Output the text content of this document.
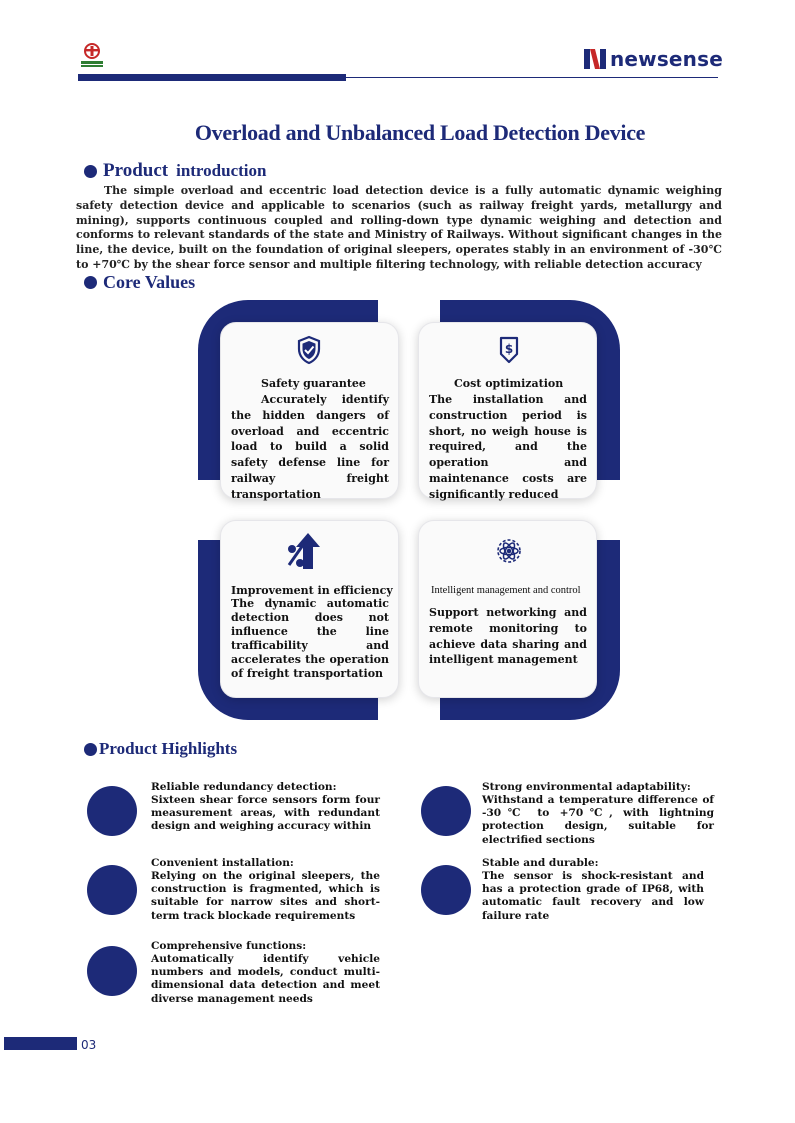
newsense
Overload and Unbalanced Load Detection Device
Product introduction
The simple overload and eccentric load detection device is a fully automatic dynamic weighing safety detection device and applicable to scenarios (such as railway freight yards, metallurgy and mining), supports continuous coupled and rolling-down type dynamic weighing and detection and conforms to relevant standards of the state and Ministry of Railways. Without significant changes in the line, the device, built on the foundation of original sleepers, operates stably in an environment of -30℃ to +70℃ by the shear force sensor and multiple filtering technology, with reliable detection accuracy
Core Values
Safety guarantee
Accurately identify the hidden dangers of overload and eccentric load to build a solid safety defense line for railway freight transportation
$
Cost optimization
The installation and construction period is short, no weigh house is required, and the operation and maintenance costs are significantly reduced
Improvement in efficiency
The dynamic automatic detection does not influence the line trafficability and accelerates the operation of freight transportation
Intelligent management and control
Support networking and remote monitoring to achieve data sharing and intelligent management
Product Highlights
Reliable redundancy detection:
Sixteen shear force sensors form four measurement areas, with redundant design and weighing accuracy within
Strong environmental adaptability:
Withstand a temperature difference of -30℃ to +70℃, with lightning protection design, suitable for electrified sections
Convenient installation:
Relying on the original sleepers, the construction is fragmented, which is suitable for narrow sites and short-term track blockade requirements
Stable and durable:
The sensor is shock-resistant and has a protection grade of IP68, with automatic fault recovery and low failure rate
Comprehensive functions:
Automatically identify vehicle numbers and models, conduct multi-dimensional data detection and meet diverse management needs
03
